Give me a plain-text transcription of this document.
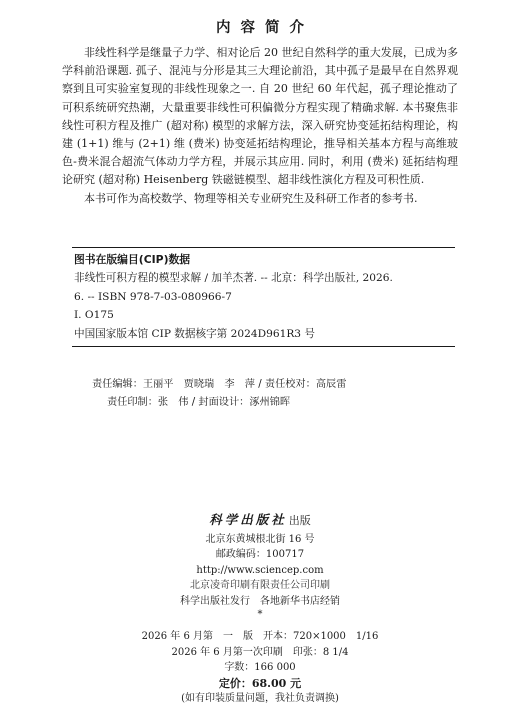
内容简介

非线性科学是继量子力学、相对论后 20 世纪自然科学的重大发展，已成为多学科前沿课题. 孤子、混沌与分形是其三大理论前沿，其中孤子是最早在自然界观察到且可实验室复现的非线性现象之一. 自 20 世纪 60 年代起，孤子理论推动了可积系统研究热潮，大量重要非线性可积偏微分方程实现了精确求解. 本书聚焦非线性可积方程及推广 (超对称) 模型的求解方法，深入研究协变延拓结构理论，构建 (1+1) 维与 (2+1) 维 (费米) 协变延拓结构理论，推导相关基本方程与高维玻色-费米混合超流气体动力学方程，并展示其应用. 同时，利用 (费米) 延拓结构理论研究 (超对称) Heisenberg 铁磁链模型、超非线性演化方程及可积性质.

本书可作为高校数学、物理等相关专业研究生及科研工作者的参考书.

图书在版编目(CIP)数据
非线性可积方程的模型求解 / 加羊杰著. -- 北京：科学出版社, 2026.
6. -- ISBN 978-7-03-080966-7
Ⅰ. O175
中国国家版本馆 CIP 数据核字第 2024D961R3 号
责任编辑：王丽平　贾晓瑞　李　萍 / 责任校对：高辰雷
责任印制：张　伟 / 封面设计：涿州锦晖
科学出版社 出版
北京东黄城根北街 16 号
邮政编码：100717
http://www.sciencep.com
北京凌奇印刷有限责任公司印刷
科学出版社发行　各地新华书店经销
*
2026 年 6 月第　一　版　开本：720×1000　1/16
2026 年 6 月第一次印刷　印张：8 1/4
字数：166 000
定价：68.00 元
(如有印装质量问题，我社负责调换)
